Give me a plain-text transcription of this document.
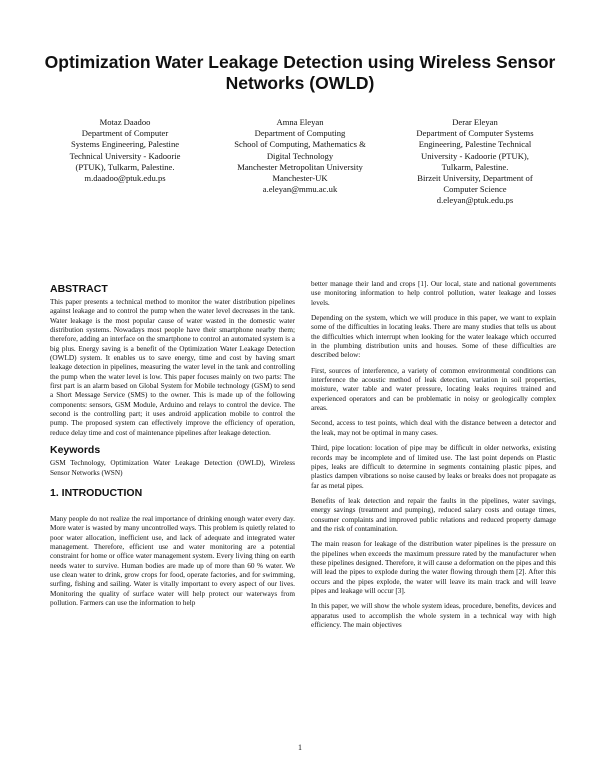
Optimization Water Leakage Detection using Wireless Sensor Networks (OWLD)
Motaz Daadoo
Department of Computer
Systems Engineering, Palestine
Technical University - Kadoorie
(PTUK), Tulkarm, Palestine.
m.daadoo@ptuk.edu.ps
Amna Eleyan
Department of Computing
School of Computing, Mathematics &
Digital Technology
Manchester Metropolitan University
Manchester-UK
a.eleyan@mmu.ac.uk
Derar Eleyan
Department of Computer Systems
Engineering, Palestine Technical
University - Kadoorie (PTUK),
Tulkarm, Palestine.
Birzeit University, Department of
Computer Science
d.eleyan@ptuk.edu.ps
ABSTRACT

This paper presents a technical method to monitor the water distribution pipelines against leakage and to control the pump when the water level decreases in the tank. Water leakage is the most popular cause of water wasted in the domestic water distribution systems. Nowadays most people have their smartphone nearby them; therefore, adding an interface on the smartphone to control an automated system is a big plus. Energy saving is a benefit of the Optimization Water Leakage Detection (OWLD) system. It enables us to save energy, time and cost by having smart leakage detection in pipelines, measuring the water level in the tank and controlling the pump when the water level is low. This paper focuses mainly on two parts: The first part is an alarm based on Global System for Mobile technology (GSM) to send a Short Message Service (SMS) to the owner. This is made up of the following components: sensors, GSM Module, Arduino and relays to control the device. The second is the controlling part; it uses android application mobile to control the pump. The proposed system can effectively improve the efficiency of operation, reduce delay time and cost of maintenance pipelines after leakage detection.

Keywords

GSM Technology, Optimization Water Leakage Detection (OWLD), Wireless Sensor Networks (WSN)

1. INTRODUCTION

Many people do not realize the real importance of drinking enough water every day. More water is wasted by many uncontrolled ways. This problem is quietly related to poor water allocation, inefficient use, and lack of adequate and integrated water management. Therefore, efficient use and water monitoring are a potential constraint for home or office water management system. Every living thing on earth needs water to survive. Human bodies are made up of more than 60 % water. We use clean water to drink, grow crops for food, operate factories, and for swimming, surfing, fishing and sailing. Water is vitally important to every aspect of our lives. Monitoring the quality of surface water will help protect our waterways from pollution. Farmers can use the information to help

better manage their land and crops [1]. Our local, state and national governments use monitoring information to help control pollution, water leakage and losses levels.

Depending on the system, which we will produce in this paper, we want to explain some of the difficulties in locating leaks. There are many studies that tells us about the difficulties which interrupt when looking for the water leakage which occurred in the plumbing distribution units and houses. Some of these difficulties are described below:

First, sources of interference, a variety of common environmental conditions can interference the acoustic method of leak detection, variation in soil properties, moisture, water table and water pressure, locating leaks requires trained and experienced operators and can be problematic in noisy or geologically complex areas.

Second, access to test points, which deal with the distance between a detector and the leak, may not be optimal in many cases.

Third, pipe location: location of pipe may be difficult in older networks, existing records may be incomplete and of limited use. The last point depends on Plastic pipes, leaks are difficult to determine in segments containing plastic pipes, and plastics dampen vibrations so noise caused by leaks or breaks does not propagate as far as metal pipes.

Benefits of leak detection and repair the faults in the pipelines, water savings, energy savings (treatment and pumping), reduced salary costs and outage times, consumer complaints and improved public relations and reduced property damage and the risk of contamination.

The main reason for leakage of the distribution water pipelines is the pressure on the pipelines when exceeds the maximum pressure rated by the manufacturer when these pipelines designed. Therefore, it will cause a deformation on the pipes and this will lead the pipes to explode during the water flowing through them [2]. After this occurs and the pipes explode, the water will leave its main track and will leave pipes and leakage will occur [3].

In this paper, we will show the whole system ideas, procedure, benefits, devices and apparatus used to accomplish the whole system in a technical way with high efficiency. The main objectives

1
